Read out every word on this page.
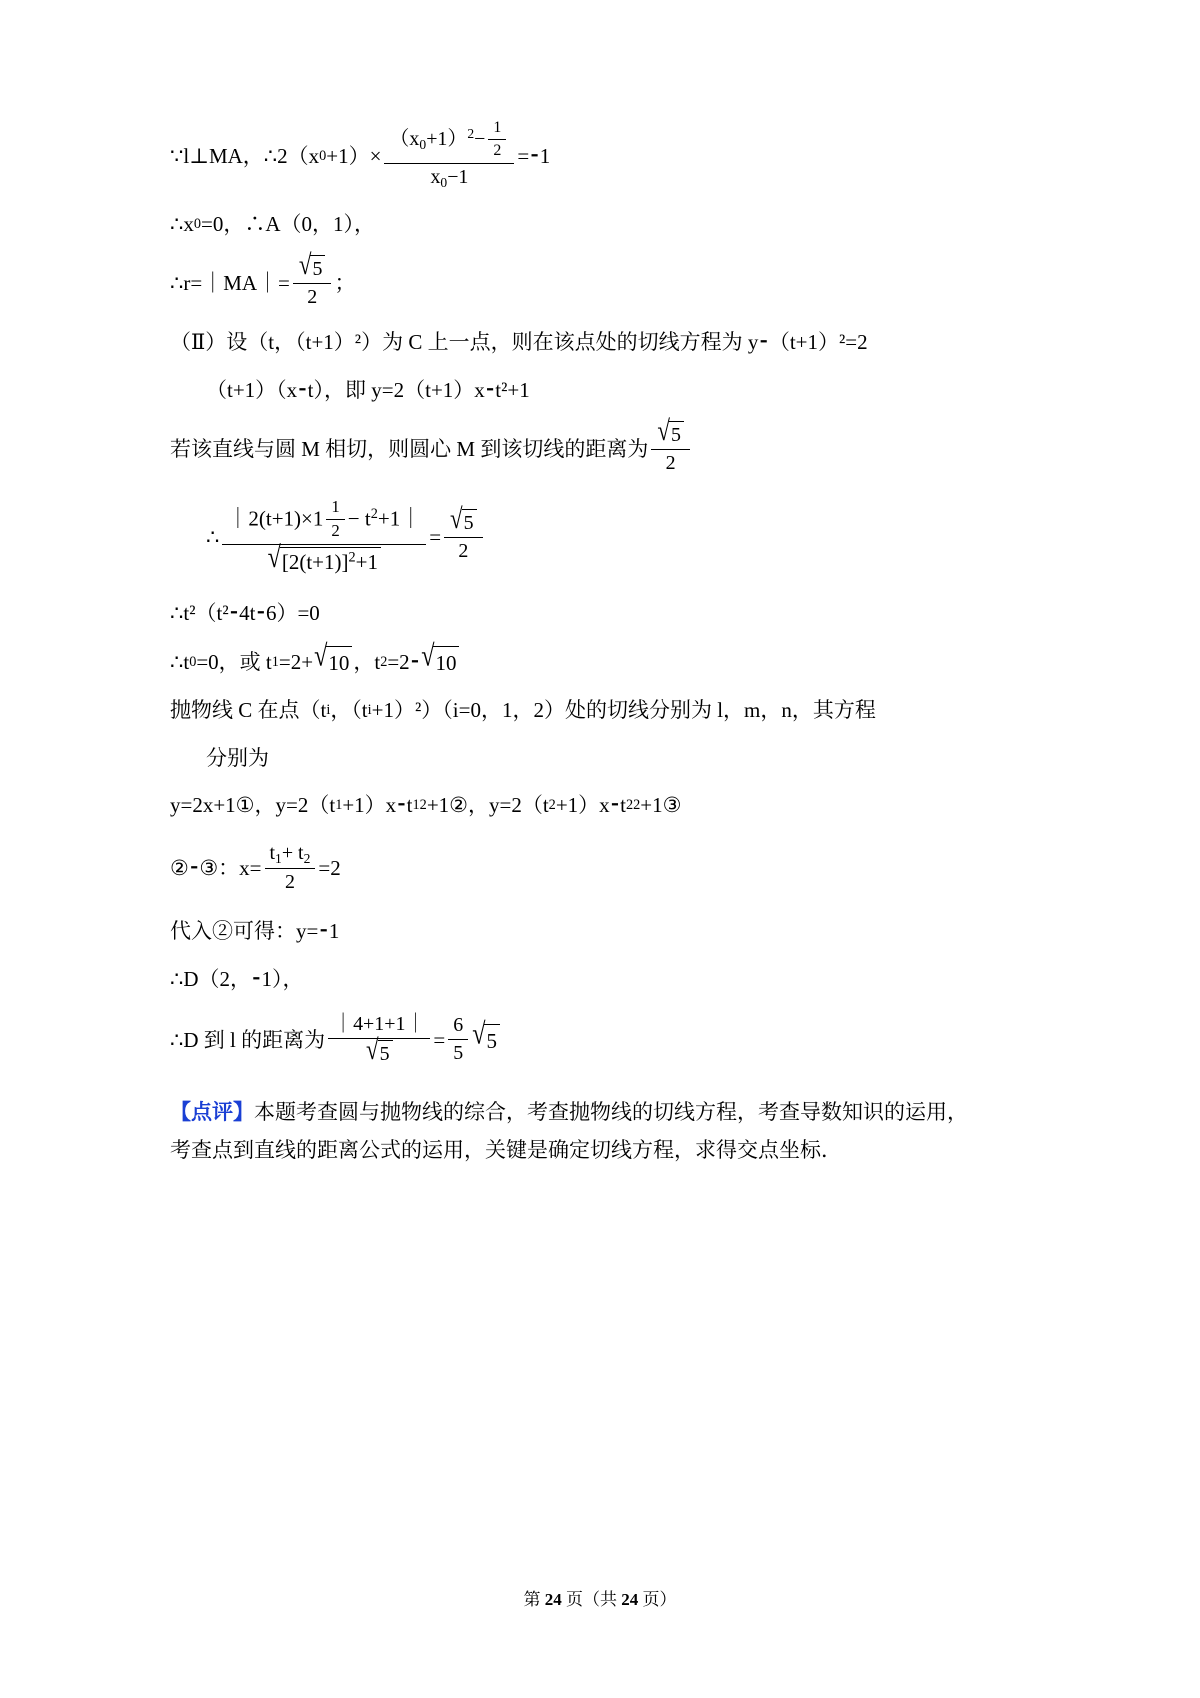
∵l⊥MA，∴2（x $0 +1)\times \frac{(x_0+1)^2- \frac{1}{2}}{x_0-1}$ =⁃1
∴x 0 =0，∴A（0，1），
∴r=｜MA｜= $\frac{√ 5}{2}$ ；
（Ⅱ）设（t，（t+1）²）为 C 上一点，则在该点处的切线方程为 y⁃（t+1）²=2
（t+1）（x⁃t），即 y=2（t+1）x⁃t²+1
若该直线与圆 M 相切，则圆心 M 到该切线的距离为 $\frac{√ 5}{2}$
∴ $\frac{|2(t+1)\times 1 \frac{1}{2} - t^2+1|}{√ [2(t+1)]^2+1} = \frac{√ 5}{2}$
∴t²（t²⁃4t⁃6）=0
∴t 0 =0，或 t 1 =2+ √ 10 ，t 2 =2⁃ √ 10
抛物线 C 在点（t i ，（t i +1）²）（i=0，1，2）处的切线分别为 l，m，n，其方程
分别为
y=2x+1①，y=2（t 1 +1）x⁃t 1 2 +1②，y=2（t 2 +1）x⁃t 2 2 +1③
②⁃③：$x= \frac{t_1+ t_2}{2} =2$
代入②可得：y=⁃1
∴D（2，⁃1），
∴D 到 l 的距离为 $\frac{|4+1+1|}{√ 5} = \frac{6}{5}$ √ 5
【点评】本题考查圆与抛物线的综合，考查抛物线的切线方程，考查导数知识的运用，考查点到直线的距离公式的运用，关键是确定切线方程，求得交点坐标．
第 24 页（共 24 页）
